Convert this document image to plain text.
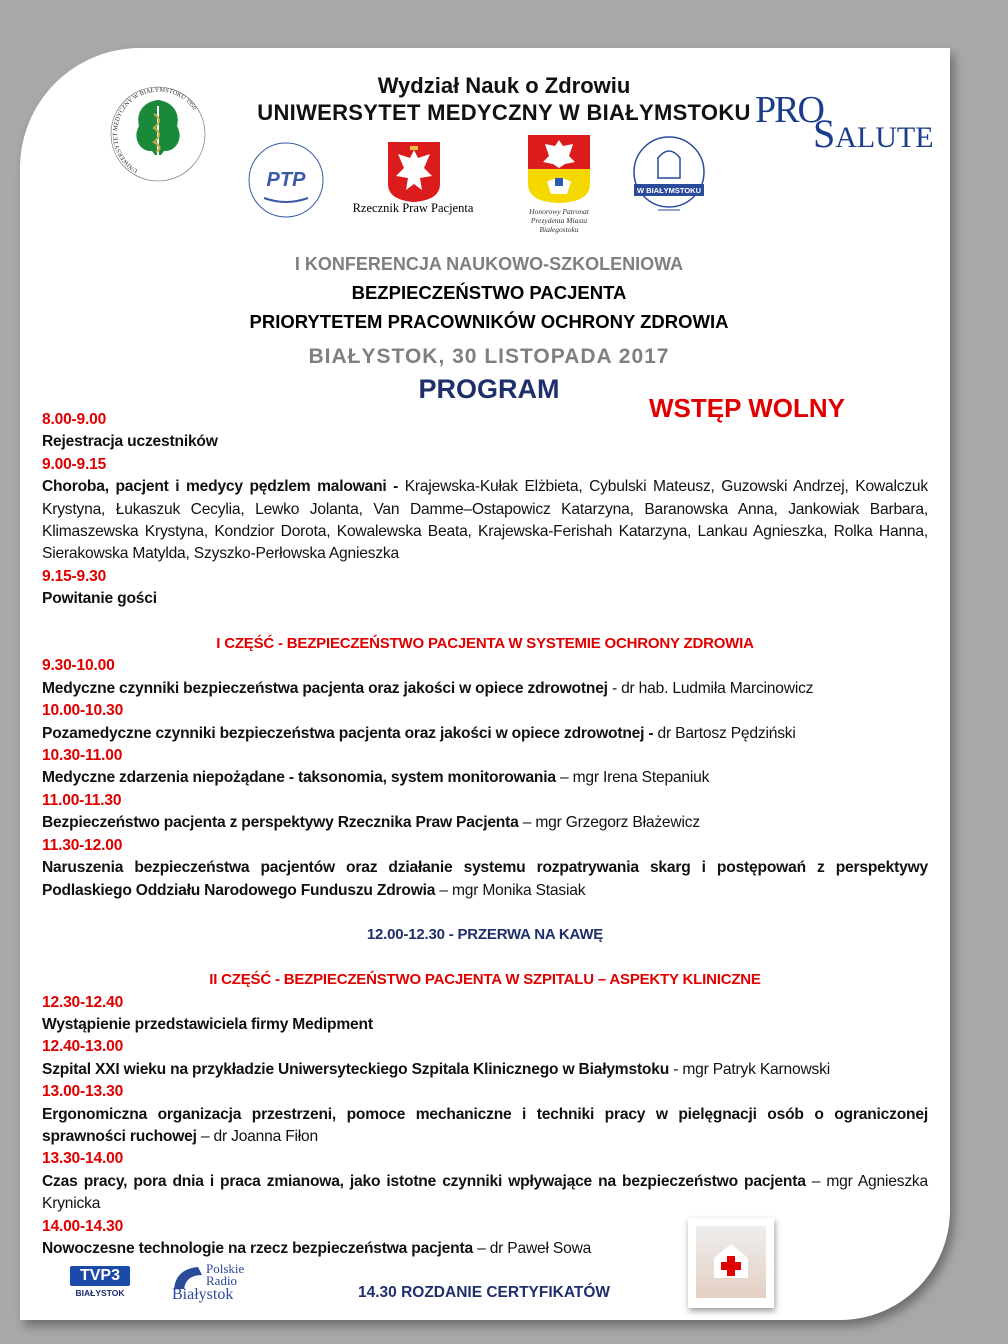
UNIWERSYTET MEDYCZNY W BIAŁYMSTOKU 1950
Wydział Nauk o Zdrowiu
UNIWERSYTET MEDYCZNY W BIAŁYMSTOKU PRO
SALUTE
PTP
Rzecznik Praw Pacjenta	Honorowy Patronat Prezydenta Miasta Białegostoku
W BIAŁYMSTOKU
I KONFERENCJA NAUKOWO-SZKOLENIOWA
BEZPIECZEŃSTWO PACJENTA
PRIORYTETEM PRACOWNIKÓW OCHRONY ZDROWIA
BIAŁYSTOK, 30 LISTOPADA 2017
PROGRAM
WSTĘP WOLNY
8.00-9.00
Rejestracja uczestników
9.00-9.15
Choroba, pacjent i medycy pędzlem malowani - Krajewska-Kułak Elżbieta, Cybulski Mateusz, Guzowski Andrzej, Kowalczuk Krystyna, Łukaszuk Cecylia, Lewko Jolanta, Van Damme–Ostapowicz Katarzyna, Baranowska Anna, Jankowiak Barbara, Klimaszewska Krystyna, Kondzior Dorota, Kowalewska Beata, Krajewska-Ferishah Katarzyna, Lankau Agnieszka, Rolka Hanna, Sierakowska Matylda, Szyszko-Perłowska Agnieszka
9.15-9.30
Powitanie gości
I CZĘŚĆ - BEZPIECZEŃSTWO PACJENTA W SYSTEMIE OCHRONY ZDROWIA
9.30-10.00
Medyczne czynniki bezpieczeństwa pacjenta oraz jakości w opiece zdrowotnej - dr hab. Ludmiła Marcinowicz
10.00-10.30
Pozamedyczne czynniki bezpieczeństwa pacjenta oraz jakości w opiece zdrowotnej - dr Bartosz Pędziński
10.30-11.00
Medyczne zdarzenia niepożądane - taksonomia, system monitorowania – mgr Irena Stepaniuk
11.00-11.30
Bezpieczeństwo pacjenta z perspektywy Rzecznika Praw Pacjenta – mgr Grzegorz Błażewicz
11.30-12.00
Naruszenia bezpieczeństwa pacjentów oraz działanie systemu rozpatrywania skarg i postępowań z perspektywy Podlaskiego Oddziału Narodowego Funduszu Zdrowia – mgr Monika Stasiak
12.00-12.30 - PRZERWA NA KAWĘ
II CZĘŚĆ - BEZPIECZEŃSTWO PACJENTA W SZPITALU – ASPEKTY KLINICZNE
12.30-12.40
Wystąpienie przedstawiciela firmy Medipment
12.40-13.00
Szpital XXI wieku na przykładzie Uniwersyteckiego Szpitala Klinicznego w Białymstoku - mgr Patryk Karnowski
13.00-13.30
Ergonomiczna organizacja przestrzeni, pomoce mechaniczne i techniki pracy w pielęgnacji osób o ograniczonej sprawności ruchowej – dr Joanna Fiłon
13.30-14.00
Czas pracy, pora dnia i praca zmianowa, jako istotne czynniki wpływające na bezpieczeństwo pacjenta – mgr Agnieszka Krynicka
14.00-14.30
Nowoczesne technologie na rzecz bezpieczeństwa pacjenta – dr Paweł Sowa
TVP3
BIAŁYSTOK
Polskie
Radio
Białystok	14.30 ROZDANIE CERTYFIKATÓW
